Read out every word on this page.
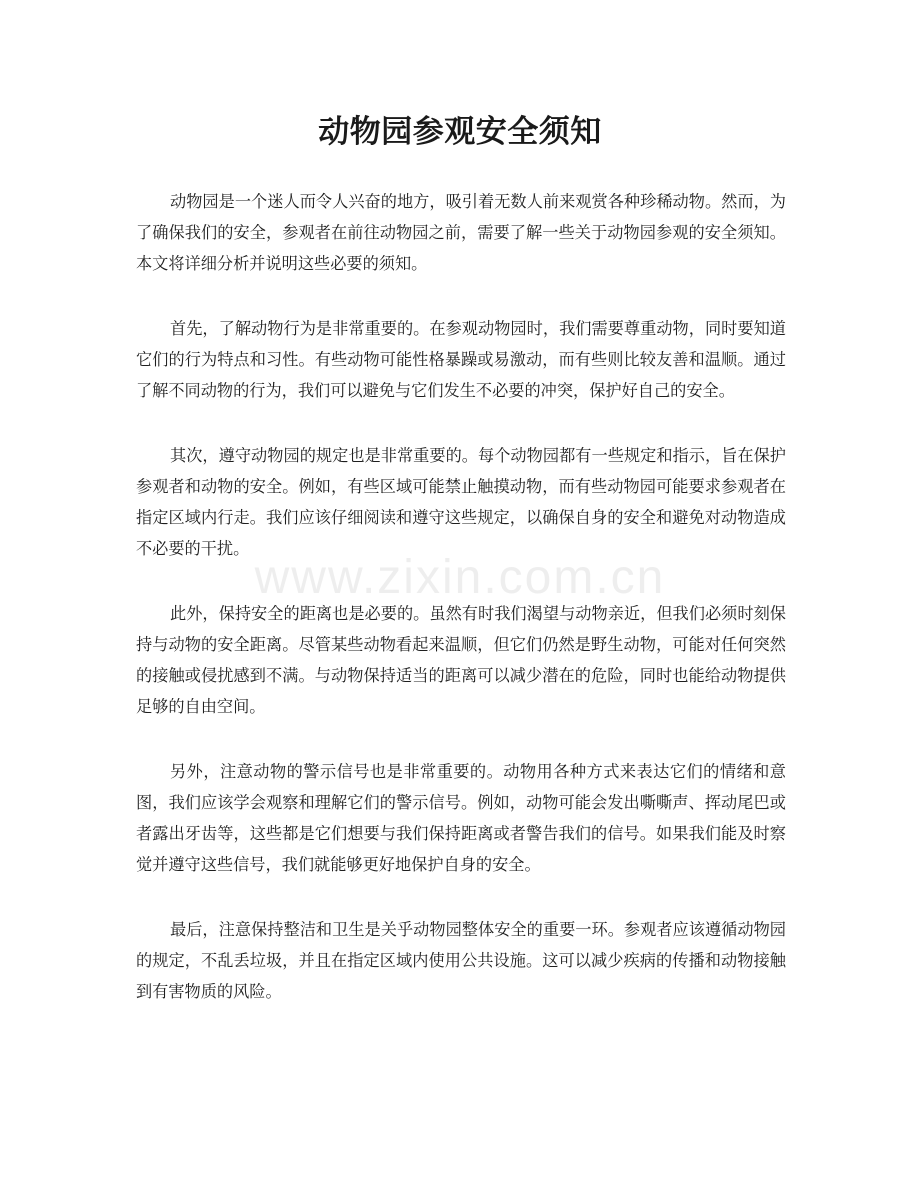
动物园参观安全须知

动物园是一个迷人而令人兴奋的地方，吸引着无数人前来观赏各种珍稀动物。然而，为了确保我们的安全，参观者在前往动物园之前，需要了解一些关于动物园参观的安全须知。本文将详细分析并说明这些必要的须知。

首先，了解动物行为是非常重要的。在参观动物园时，我们需要尊重动物，同时要知道它们的行为特点和习性。有些动物可能性格暴躁或易激动，而有些则比较友善和温顺。通过了解不同动物的行为，我们可以避免与它们发生不必要的冲突，保护好自己的安全。

其次，遵守动物园的规定也是非常重要的。每个动物园都有一些规定和指示，旨在保护参观者和动物的安全。例如，有些区域可能禁止触摸动物，而有些动物园可能要求参观者在指定区域内行走。我们应该仔细阅读和遵守这些规定，以确保自身的安全和避免对动物造成不必要的干扰。

此外，保持安全的距离也是必要的。虽然有时我们渴望与动物亲近，但我们必须时刻保持与动物的安全距离。尽管某些动物看起来温顺，但它们仍然是野生动物，可能对任何突然的接触或侵扰感到不满。与动物保持适当的距离可以减少潜在的危险，同时也能给动物提供足够的自由空间。

另外，注意动物的警示信号也是非常重要的。动物用各种方式来表达它们的情绪和意图，我们应该学会观察和理解它们的警示信号。例如，动物可能会发出嘶嘶声、挥动尾巴或者露出牙齿等，这些都是它们想要与我们保持距离或者警告我们的信号。如果我们能及时察觉并遵守这些信号，我们就能够更好地保护自身的安全。

最后，注意保持整洁和卫生是关乎动物园整体安全的重要一环。参观者应该遵循动物园的规定，不乱丢垃圾，并且在指定区域内使用公共设施。这可以减少疾病的传播和动物接触到有害物质的风险。

www.zixin.com.cn
